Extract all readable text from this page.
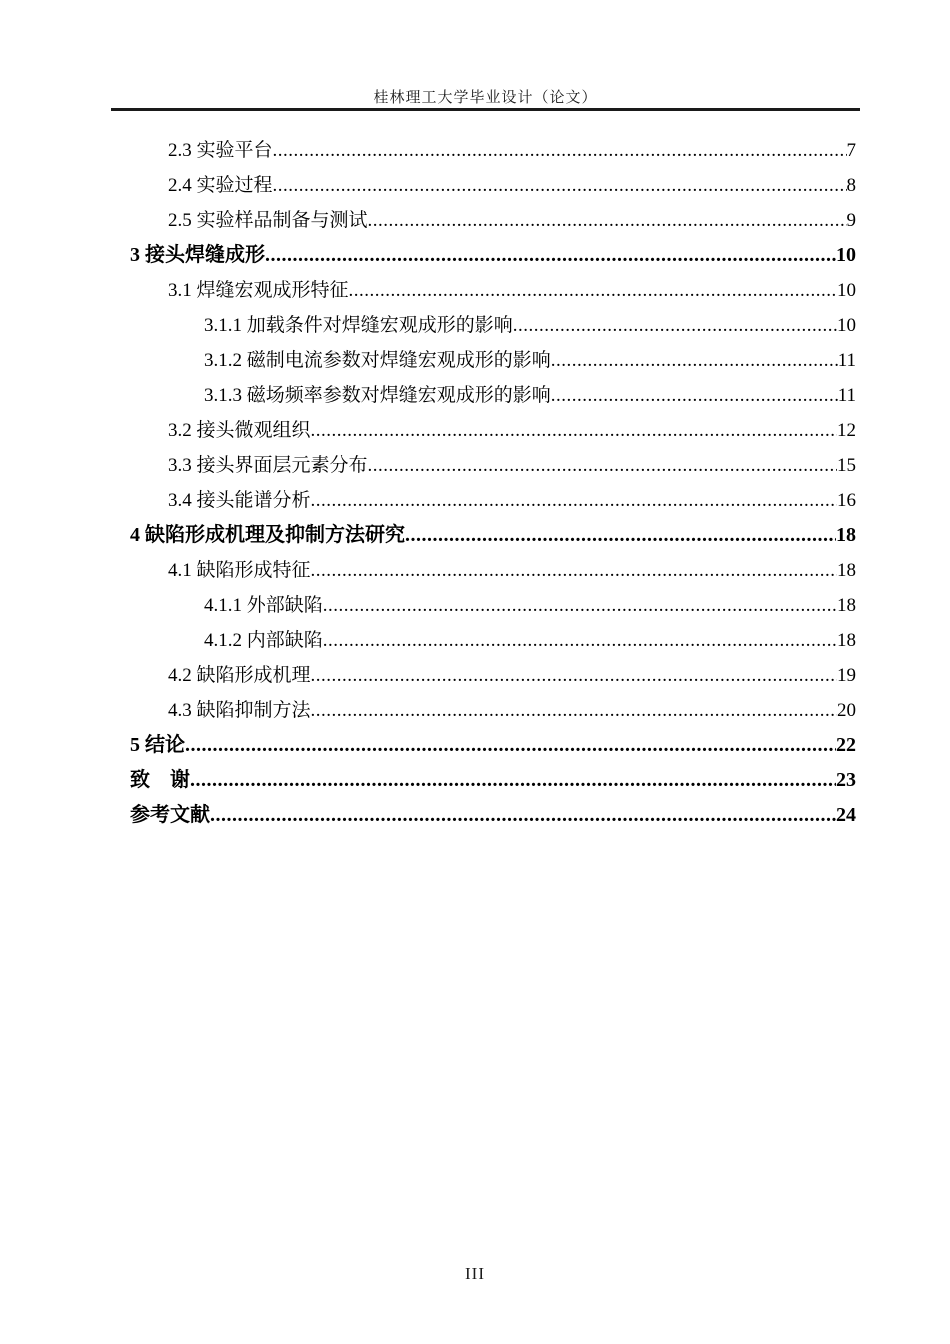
桂林理工大学毕业设计（论文）
2.3 实验平台 .....	7
2.4 实验过程 .....	8
2.5 实验样品制备与测试 .....	9
3 接头焊缝成形 .....	10
3.1 焊缝宏观成形特征 .....	10
3.1.1 加载条件对焊缝宏观成形的影响 .....	10
3.1.2 磁制电流参数对焊缝宏观成形的影响 .....	11
3.1.3 磁场频率参数对焊缝宏观成形的影响 .....	11
3.2 接头微观组织 .....	12
3.3 接头界面层元素分布 .....	15
3.4 接头能谱分析 .....	16
4 缺陷形成机理及抑制方法研究 .....	18
4.1 缺陷形成特征 .....	18
4.1.1 外部缺陷 .....	18
4.1.2 内部缺陷 .....	18
4.2 缺陷形成机理 .....	19
4.3 缺陷抑制方法 .....	20
5 结论 .....	22
致　谢 .....	23
参考文献 .....	24
III
